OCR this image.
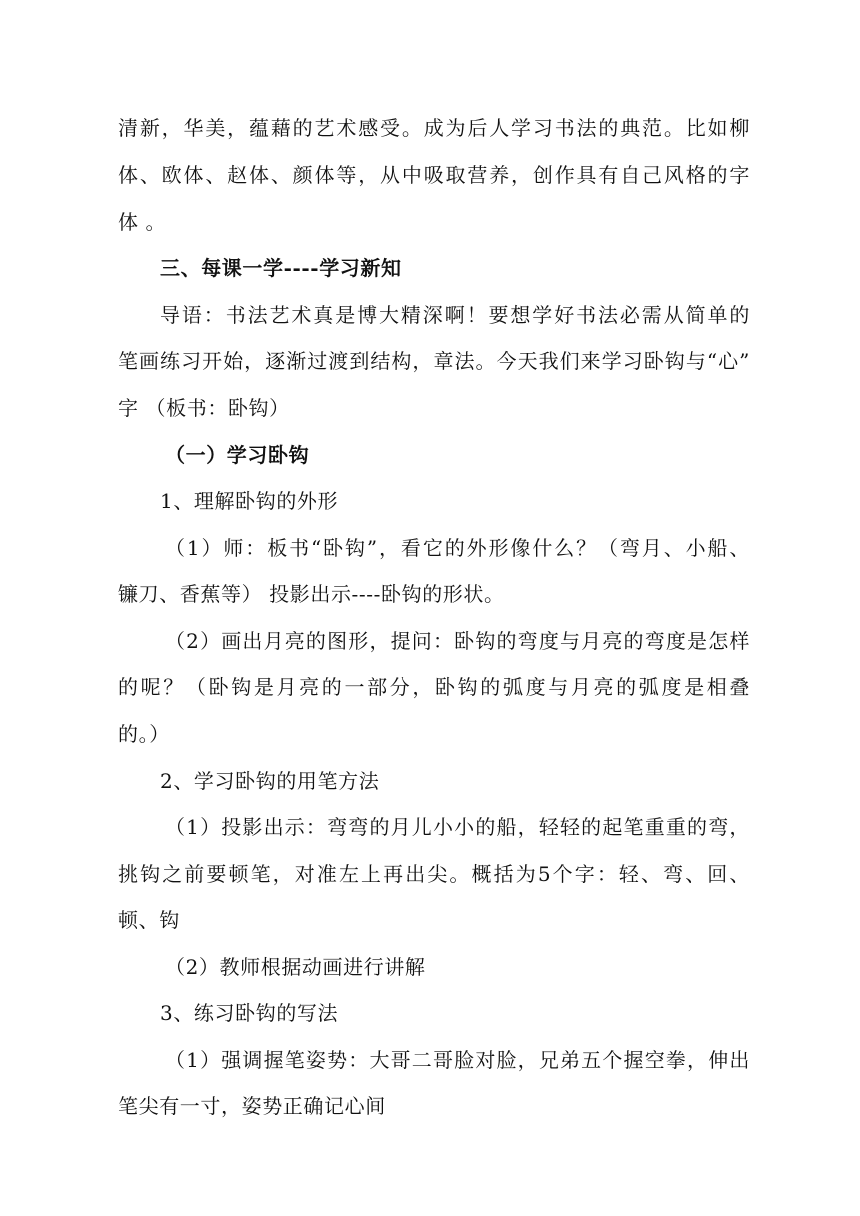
清新，华美，蕴藉的艺术感受。成为后人学习书法的典范。比如柳
体、欧体、赵体、颜体等，从中吸取营养，创作具有自己风格的字
体 。
三、每课一学----学习新知
导语：书法艺术真是博大精深啊！要想学好书法必需从简单的
笔画练习开始，逐渐过渡到结构，章法。今天我们来学习卧钩与“心”
字 （板书：卧钩）
（一）学习卧钩
1、理解卧钩的外形
（1）师：板书“卧钩”，看它的外形像什么？（弯月、小船、
镰刀、香蕉等） 投影出示----卧钩的形状。
（2）画出月亮的图形，提问：卧钩的弯度与月亮的弯度是怎样
的呢？（卧钩是月亮的一部分，卧钩的弧度与月亮的弧度是相叠
的。）
2、学习卧钩的用笔方法
（1）投影出示：弯弯的月儿小小的船，轻轻的起笔重重的弯，
挑钩之前要顿笔，对准左上再出尖。概括为5个字：轻、弯、回、
顿、钩
（2）教师根据动画进行讲解
3、练习卧钩的写法
（1）强调握笔姿势：大哥二哥脸对脸，兄弟五个握空拳，伸出
笔尖有一寸，姿势正确记心间
